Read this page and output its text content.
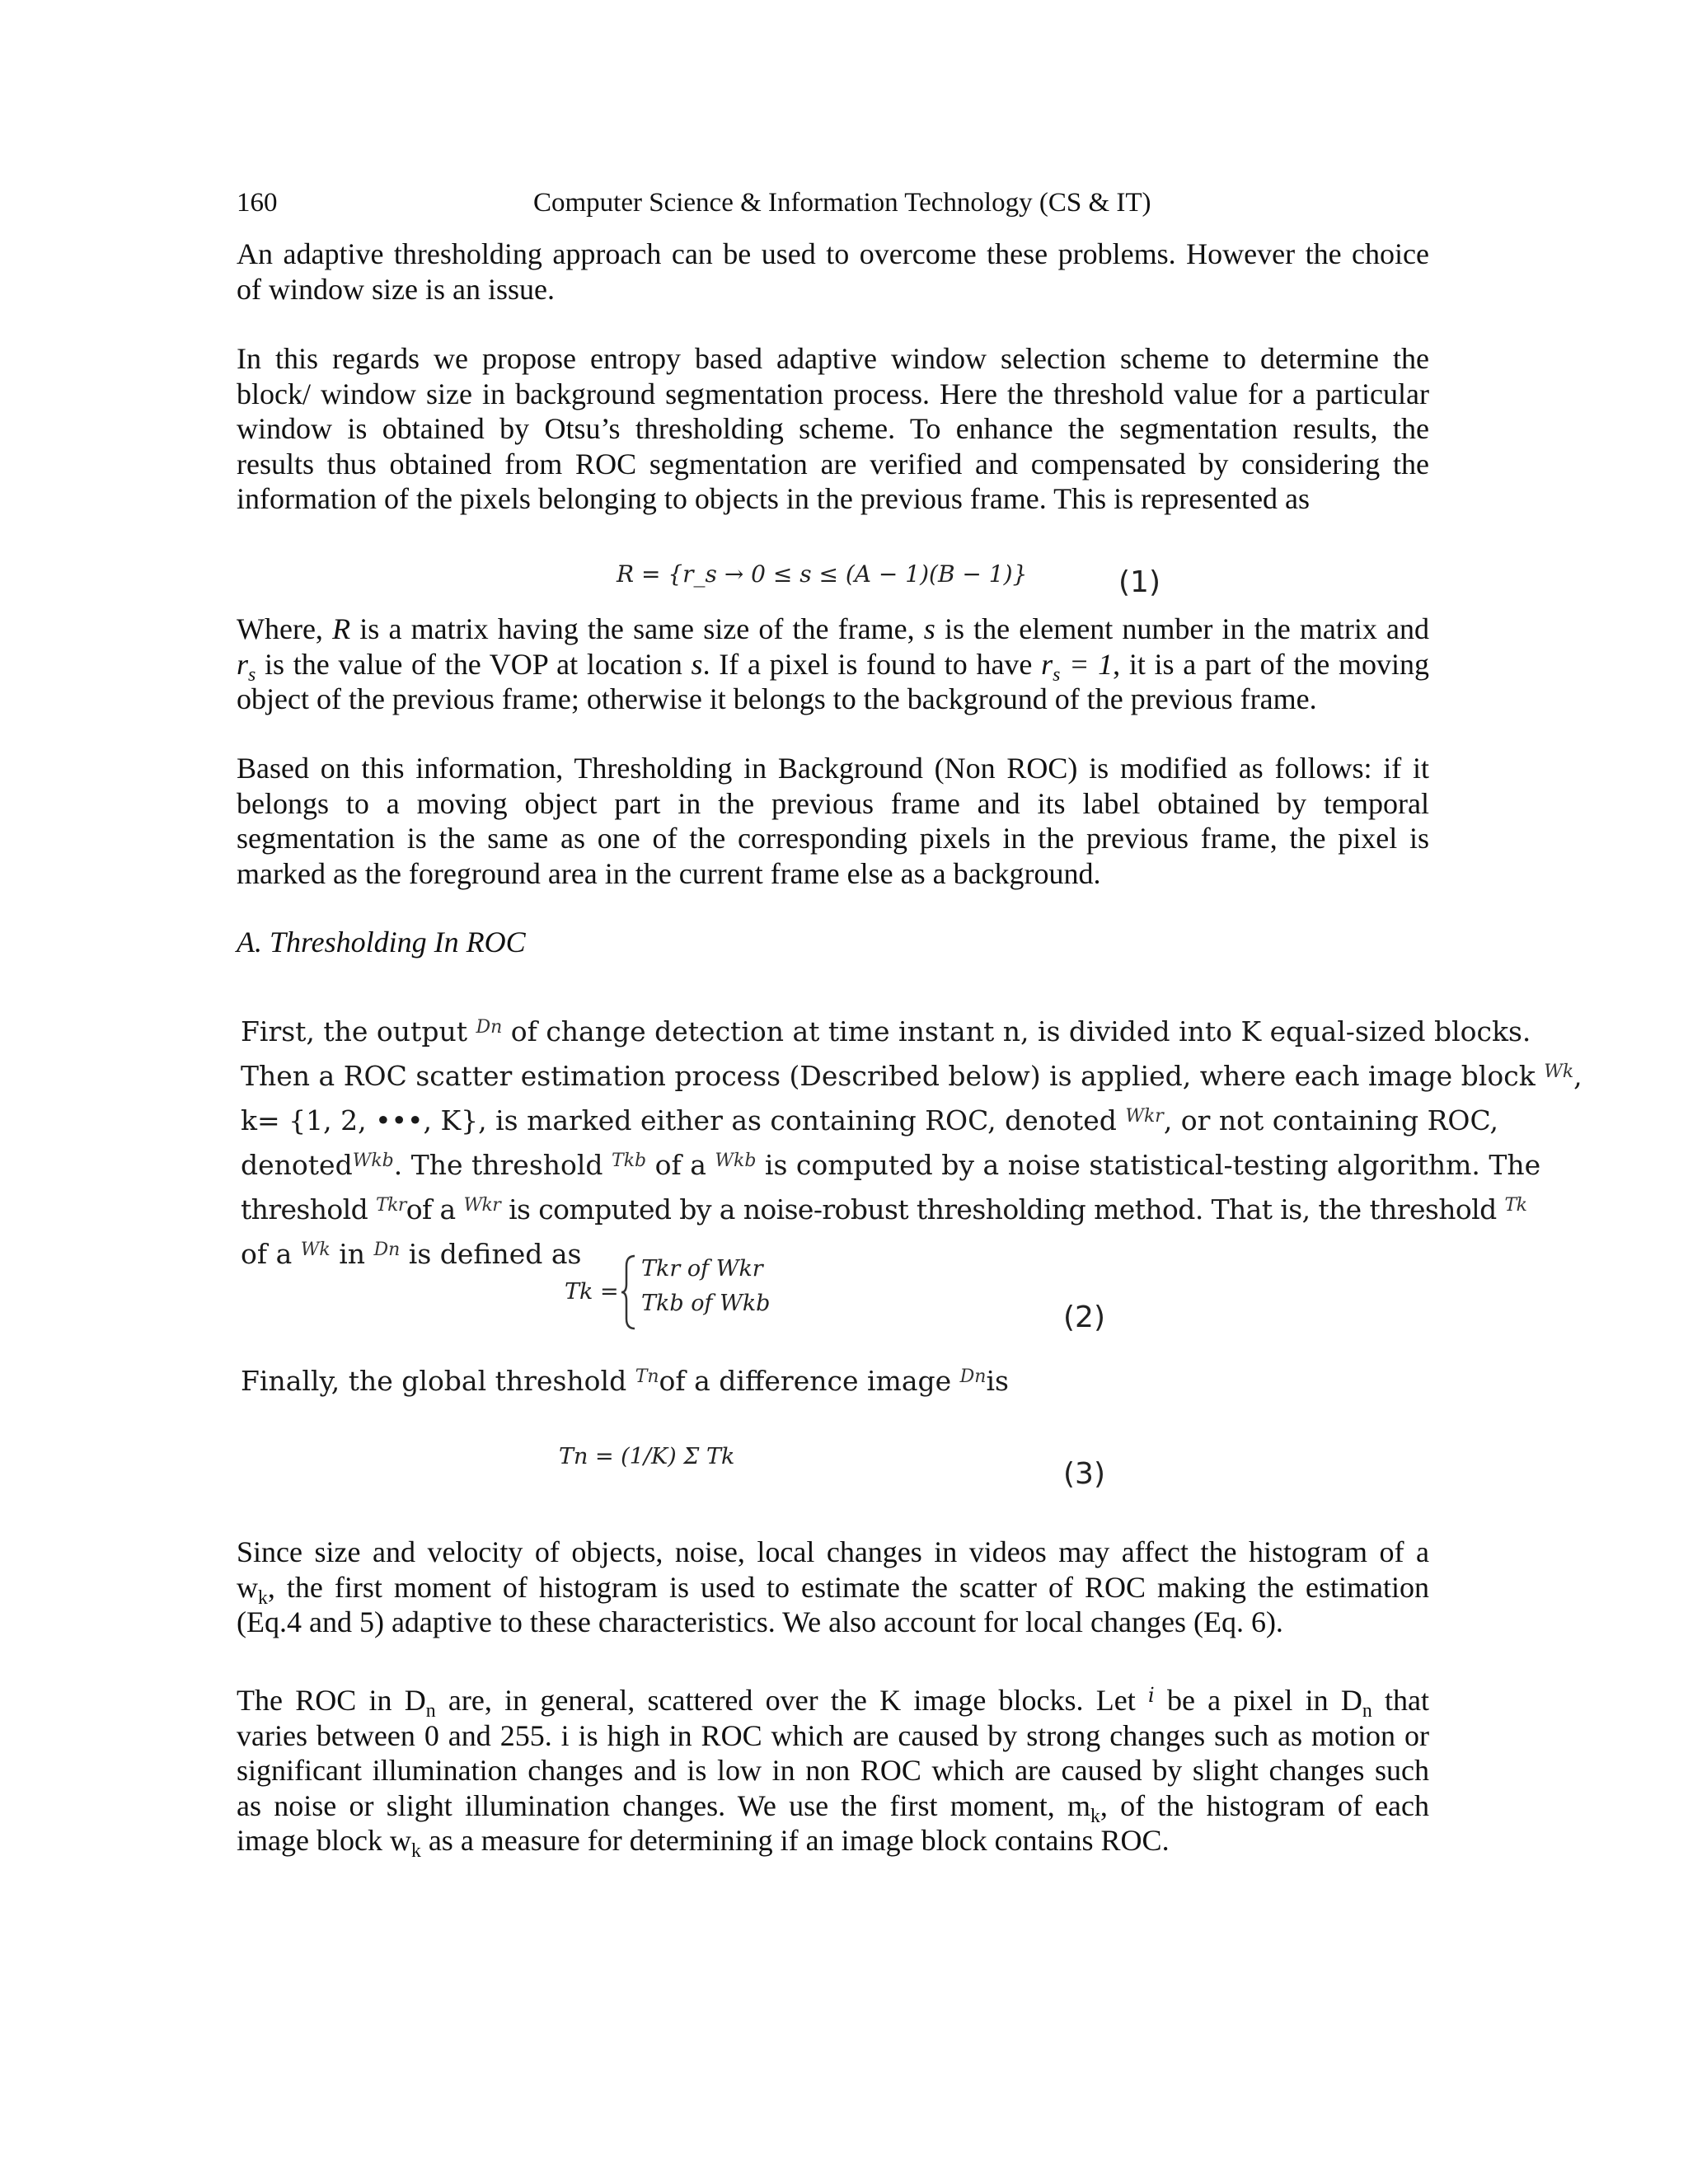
160	Computer Science & Information Technology (CS & IT)
An adaptive thresholding approach can be used to overcome these problems. However the choice
of window size is an issue.
In this regards we propose entropy based adaptive window selection scheme to determine the
block/ window size in background segmentation process. Here the threshold value for a particular
window is obtained by Otsu’s thresholding scheme. To enhance the segmentation results, the
results thus obtained from ROC segmentation are verified and compensated by considering the
information of the pixels belonging to objects in the previous frame. This is represented as
R = {r_s → 0 ≤ s ≤ (A − 1)(B − 1)}	(1)
Where, R is a matrix having the same size of the frame, s is the element number in the matrix and
$r_s$ is the value of the VOP at location s. If a pixel is found to have $r_s = 1$, it is a part of the moving
object of the previous frame; otherwise it belongs to the background of the previous frame.
Based on this information, Thresholding in Background (Non ROC) is modified as follows: if it
belongs to a moving object part in the previous frame and its label obtained by temporal
segmentation is the same as one of the corresponding pixels in the previous frame, the pixel is
marked as the foreground area in the current frame else as a background.
A. Thresholding In ROC
First, the output $^{Dn}$ of change detection at time instant n, is divided into K equal-sized blocks.
Then a ROC scatter estimation process (Described below) is applied, where each image block $^{Wk}$,
k= {1, 2, •••, K}, is marked either as containing ROC, denoted $^{Wkr}$, or not containing ROC,
denoted$^{Wkb}$. The threshold $^{Tkb}$ of a $^{Wkb}$ is computed by a noise statistical-testing algorithm. The
threshold $^{Tkr}$of a $^{Wkr}$ is computed by a noise-robust thresholding method. That is, the threshold $^{Tk}$
of a $^{Wk}$ in $^{Dn}$ is defined as
Tk =
Tkr of Wkr
Tkb of Wkb	(2)
Finally, the global threshold $^{Tn}$of a difference image $^{Dn}$is
Tn = (1/K) Σ Tk
(3)
Since size and velocity of objects, noise, local changes in videos may affect the histogram of a
$w_k$, the first moment of histogram is used to estimate the scatter of ROC making the estimation
(Eq.4 and 5) adaptive to these characteristics. We also account for local changes (Eq. 6).
The ROC in $D_n$ are, in general, scattered over the K image blocks. Let $^i$ be a pixel in $D_n$ that
varies between 0 and 255. i is high in ROC which are caused by strong changes such as motion or
significant illumination changes and is low in non ROC which are caused by slight changes such
as noise or slight illumination changes. We use the first moment, $m_k$, of the histogram of each
image block $w_k$ as a measure for determining if an image block contains ROC.
